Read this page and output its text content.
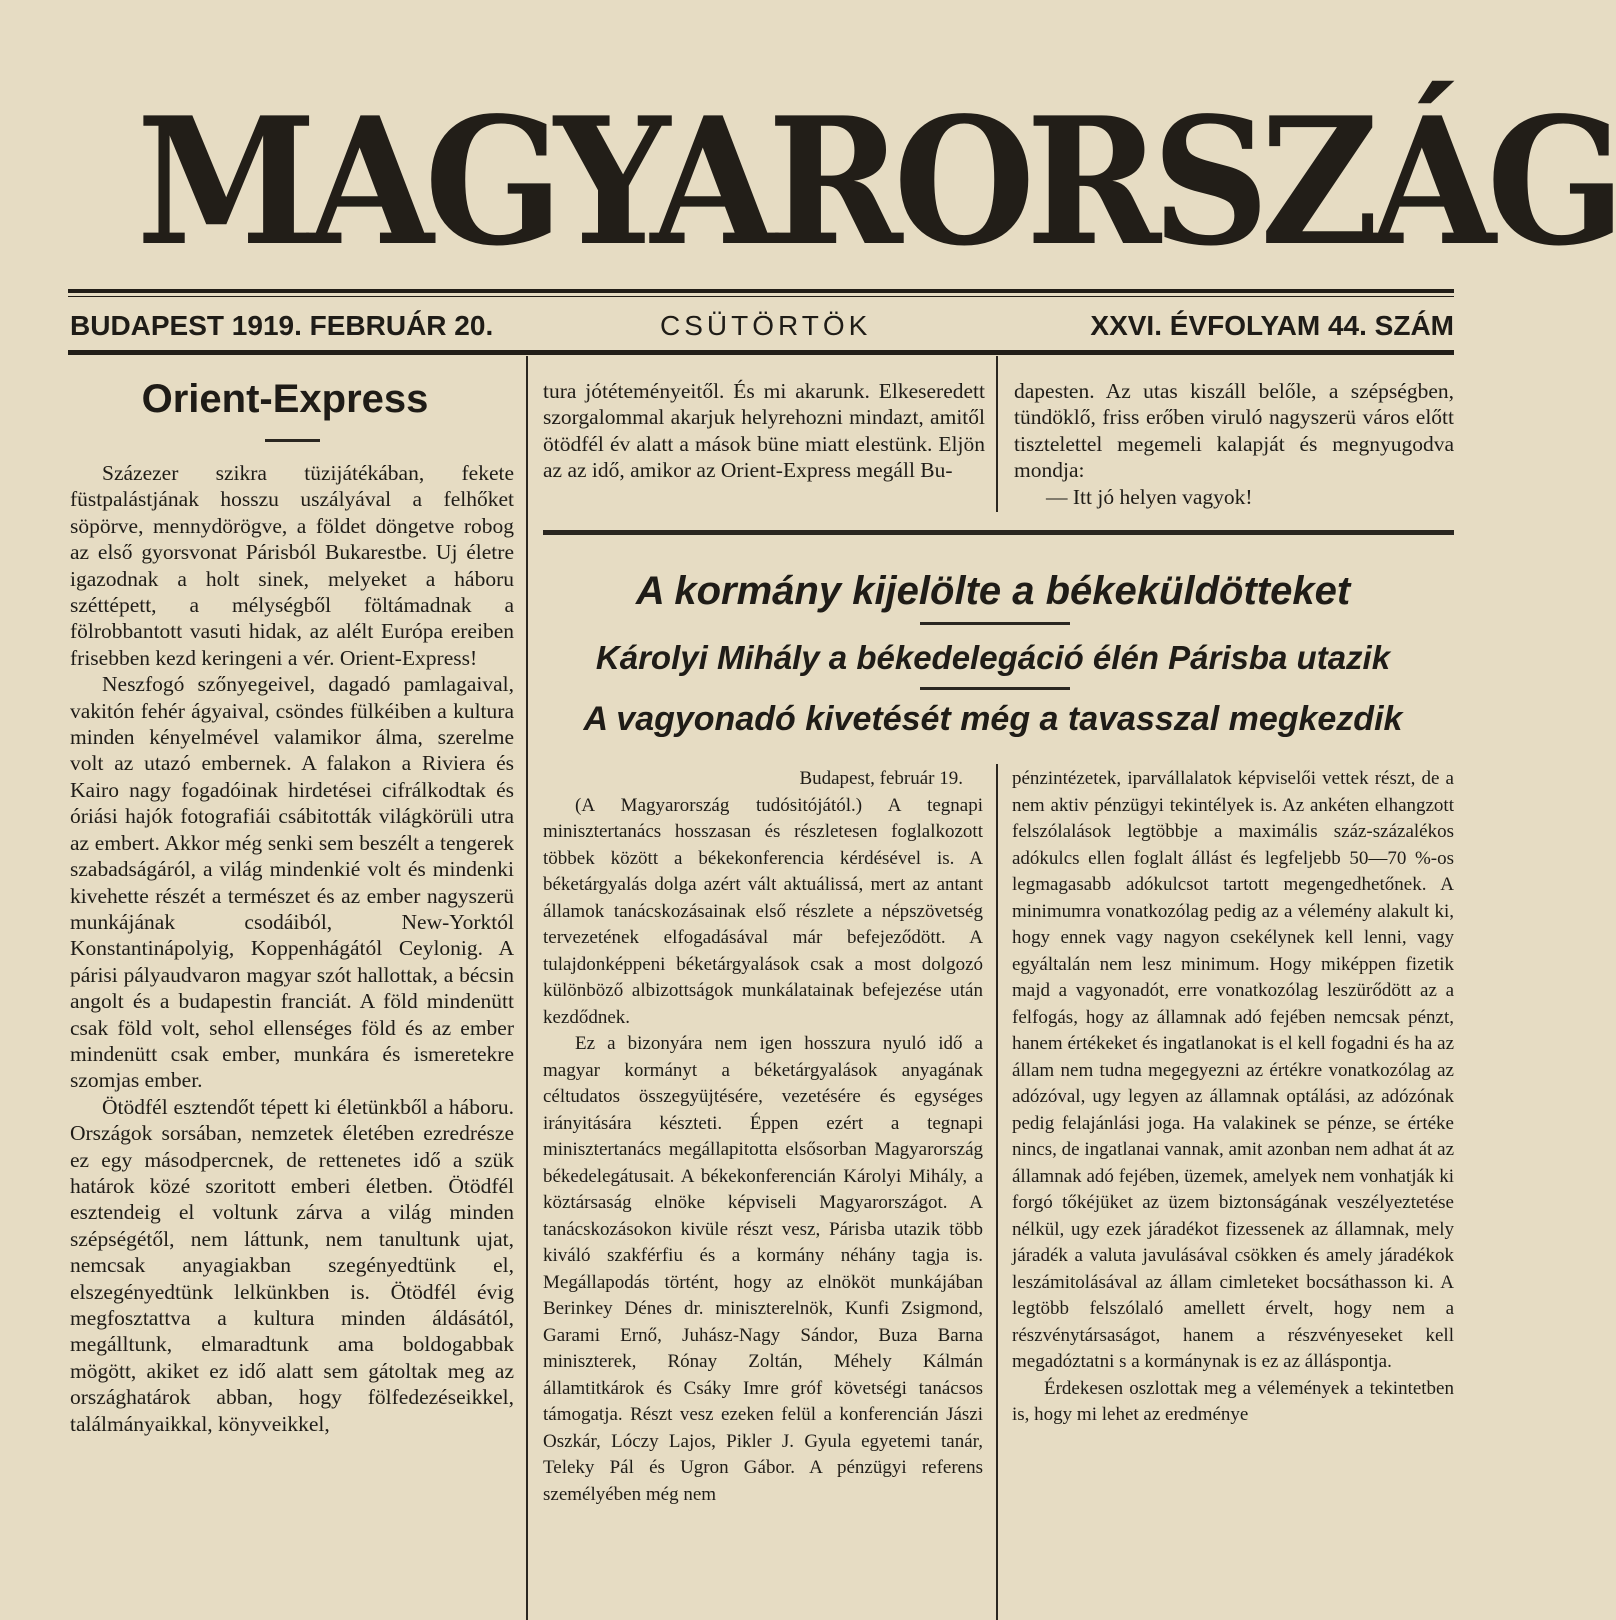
MAGYARORSZÁG
BUDAPEST 1919. FEBRUÁR 20.	CSÜTÖRTÖK	XXVI. ÉVFOLYAM 44. SZÁM
Orient-Express

Százezer szikra tüzijátékában, fekete füstpalástjának hosszu uszályával a felhőket söpörve, mennydörögve, a földet döngetve robog az első gyorsvonat Párisból Bukarestbe. Uj életre igazodnak a holt sinek, melyeket a háboru széttépett, a mélységből föltámadnak a fölrobbantott vasuti hidak, az alélt Európa ereiben frisebben kezd keringeni a vér. Orient-Express!

Neszfogó szőnyegeivel, dagadó pamlagaival, vakitón fehér ágyaival, csöndes fülkéiben a kultura minden kényelmével valamikor álma, szerelme volt az utazó embernek. A falakon a Riviera és Kairo nagy fogadóinak hirdetései cifrálkodtak és óriási hajók fotografiái csábitották világkörüli utra az embert. Akkor még senki sem beszélt a tengerek szabadságáról, a világ mindenkié volt és mindenki kivehette részét a természet és az ember nagyszerü munkájának csodáiból, New-Yorktól Konstantinápolyig, Koppenhágától Ceylonig. A párisi pályaudvaron magyar szót hallottak, a bécsin angolt és a budapestin franciát. A föld mindenütt csak föld volt, sehol ellenséges föld és az ember mindenütt csak ember, munkára és ismeretekre szomjas ember.

Ötödfél esztendőt tépett ki életünkből a háboru. Országok sorsában, nemzetek életében ezredrésze ez egy másodpercnek, de rettenetes idő a szük határok közé szoritott emberi életben. Ötödfél esztendeig el voltunk zárva a világ minden szépségétől, nem láttunk, nem tanultunk ujat, nemcsak anyagiakban szegényedtünk el, elszegényedtünk lelkünkben is. Ötödfél évig megfosztattva a kultura minden áldásától, megálltunk, elmaradtunk ama boldogabbak mögött, akiket ez idő alatt sem gátoltak meg az országhatárok abban, hogy fölfedezéseikkel, találmányaikkal, könyveikkel,

tura jótéteményeitől. És mi akarunk. Elkeseredett szorgalommal akarjuk helyrehozni mindazt, amitől ötödfél év alatt a mások büne miatt elestünk. Eljön az az idő, amikor az Orient-Express megáll Bu-

dapesten. Az utas kiszáll belőle, a szépségben, tündöklő, friss erőben viruló nagyszerü város előtt tisztelettel megemeli kalapját és megnyugodva mondja:

— Itt jó helyen vagyok!

A kormány kijelölte a békeküldötteket
Károlyi Mihály a békedelegáció élén Párisba utazik
A vagyonadó kivetését még a tavasszal megkezdik

Budapest, február 19.

(A Magyarország tudósitójától.) A tegnapi minisztertanács hosszasan és részletesen foglalkozott többek között a békekonferencia kérdésével is. A béketárgyalás dolga azért vált aktuálissá, mert az antant államok tanácskozásainak első részlete a népszövetség tervezetének elfogadásával már befejeződött. A tulajdonképpeni béketárgyalások csak a most dolgozó különböző albizottságok munkálatainak befejezése után kezdődnek.

Ez a bizonyára nem igen hosszura nyuló idő a magyar kormányt a béketárgyalások anyagának céltudatos összegyüjtésére, vezetésére és egységes irányitására készteti. Éppen ezért a tegnapi minisztertanács megállapitotta elsősorban Magyarország békedelegátusait. A békekonferencián Károlyi Mihály, a köztársaság elnöke képviseli Magyarországot. A tanácskozásokon kivüle részt vesz, Párisba utazik több kiváló szakférfiu és a kormány néhány tagja is. Megállapodás történt, hogy az elnököt munkájában Berinkey Dénes dr. miniszterelnök, Kunfi Zsigmond, Garami Ernő, Juhász-Nagy Sándor, Buza Barna miniszterek, Rónay Zoltán, Méhely Kálmán államtitkárok és Csáky Imre gróf követségi tanácsos támogatja. Részt vesz ezeken felül a konferencián Jászi Oszkár, Lóczy Lajos, Pikler J. Gyula egyetemi tanár, Teleky Pál és Ugron Gábor. A pénzügyi referens személyében még nem

pénzintézetek, iparvállalatok képviselői vettek részt, de a nem aktiv pénzügyi tekintélyek is. Az ankéten elhangzott felszólalások legtöbbje a maximális száz-százalékos adókulcs ellen foglalt állást és legfeljebb 50—70 %-os legmagasabb adókulcsot tartott megengedhetőnek. A minimumra vonatkozólag pedig az a vélemény alakult ki, hogy ennek vagy nagyon csekélynek kell lenni, vagy egyáltalán nem lesz minimum. Hogy miképpen fizetik majd a vagyonadót, erre vonatkozólag leszürődött az a felfogás, hogy az államnak adó fejében nemcsak pénzt, hanem értékeket és ingatlanokat is el kell fogadni és ha az állam nem tudna megegyezni az értékre vonatkozólag az adózóval, ugy legyen az államnak optálási, az adózónak pedig felajánlási joga. Ha valakinek se pénze, se értéke nincs, de ingatlanai vannak, amit azonban nem adhat át az államnak adó fejében, üzemek, amelyek nem vonhatják ki forgó tőkéjüket az üzem biztonságának veszélyeztetése nélkül, ugy ezek járadékot fizessenek az államnak, mely járadék a valuta javulásával csökken és amely járadékok leszámitolásával az állam cimleteket bocsáthasson ki. A legtöbb felszólaló amellett érvelt, hogy nem a részvénytársaságot, hanem a részvényeseket kell megadóztatni s a kormánynak is ez az álláspontja.

Érdekesen oszlottak meg a vélemények a tekintetben is, hogy mi lehet az eredménye
